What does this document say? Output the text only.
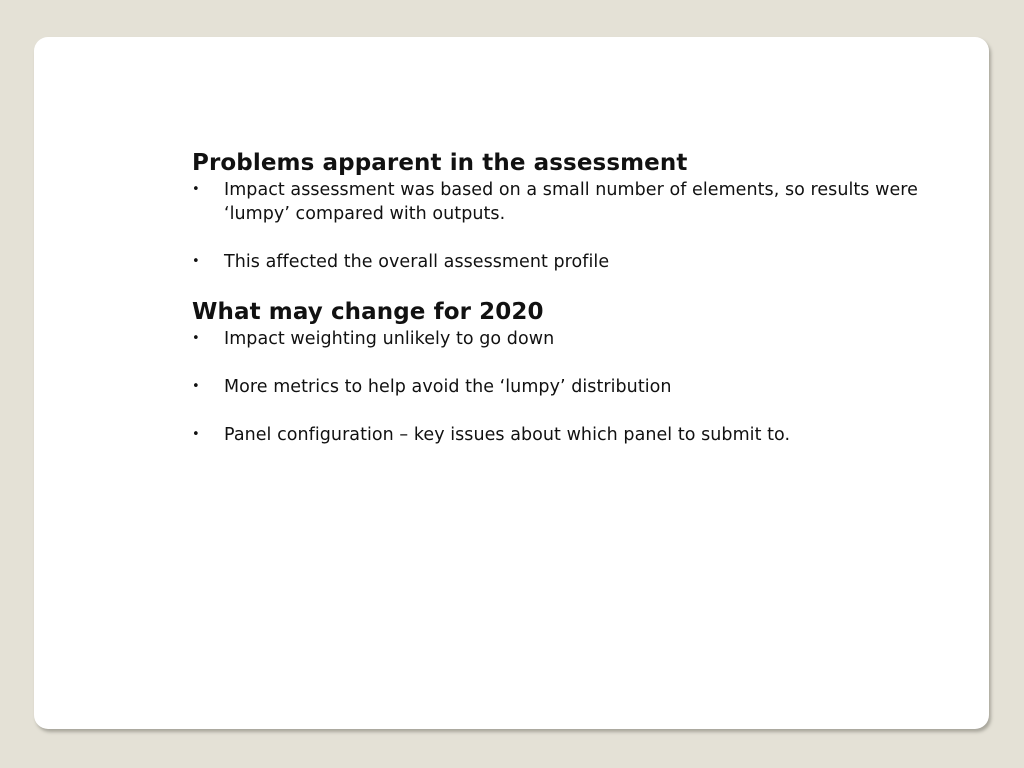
Problems apparent in the assessment
•	Impact assessment was based on a small number of elements, so results were ‘lumpy’ compared with outputs.
•	This affected the overall assessment profile
What may change for 2020
•	Impact weighting unlikely to go down
•	More metrics to help avoid the ‘lumpy’ distribution
•	Panel configuration – key issues about which panel to submit to.
